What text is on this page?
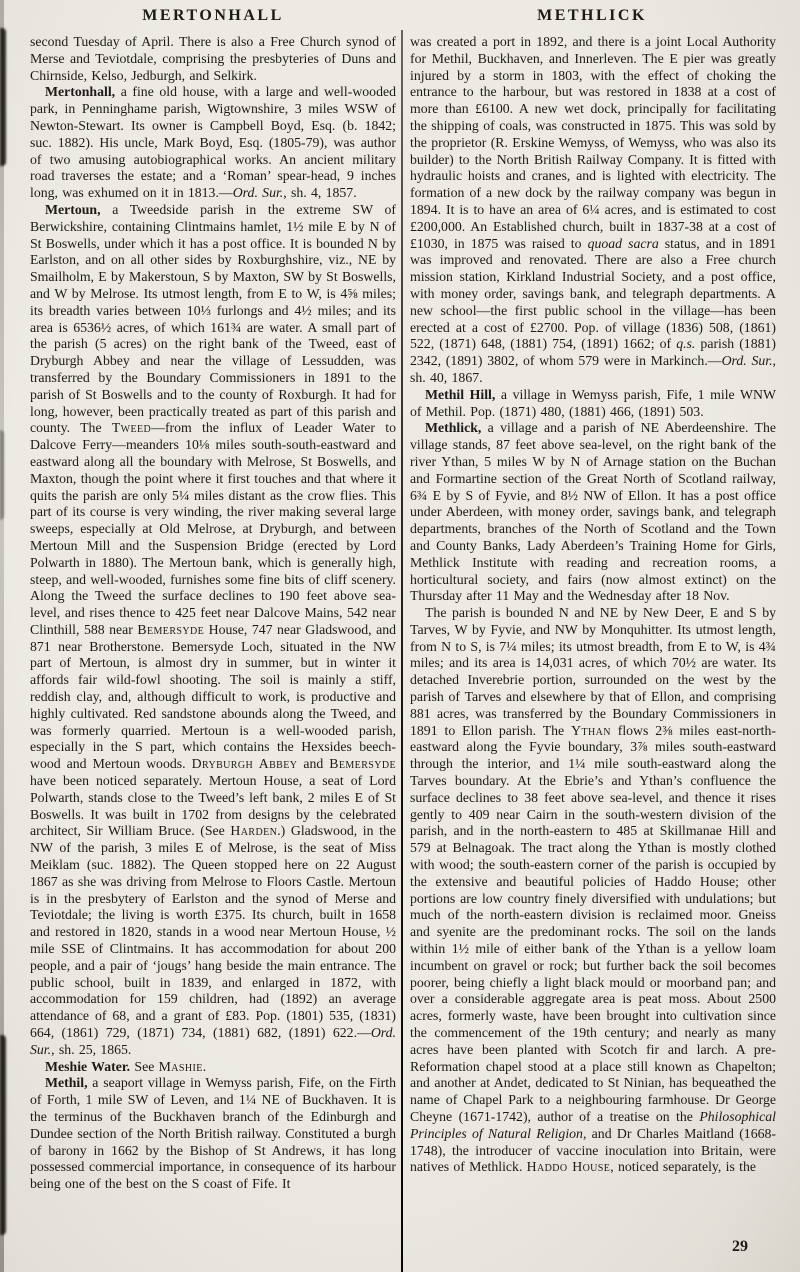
MERTONHALL	METHLICK

second Tuesday of April. There is also a Free Church synod of Merse and Teviotdale, comprising the presbyteries of Duns and Chirnside, Kelso, Jedburgh, and Selkirk.

Mertonhall, a fine old house, with a large and well-wooded park, in Penninghame parish, Wigtownshire, 3 miles WSW of Newton-Stewart. Its owner is Campbell Boyd, Esq. (b. 1842; suc. 1882). His uncle, Mark Boyd, Esq. (1805-79), was author of two amusing autobiographical works. An ancient military road traverses the estate; and a ‘Roman’ spear-head, 9 inches long, was exhumed on it in 1813.—Ord. Sur., sh. 4, 1857.

Mertoun, a Tweedside parish in the extreme SW of Berwickshire, containing Clintmains hamlet, 1½ mile E by N of St Boswells, under which it has a post office. It is bounded N by Earlston, and on all other sides by Roxburghshire, viz., NE by Smailholm, E by Makerstoun, S by Maxton, SW by St Boswells, and W by Melrose. Its utmost length, from E to W, is 4⅝ miles; its breadth varies between 10⅓ furlongs and 4½ miles; and its area is 6536½ acres, of which 161¾ are water. A small part of the parish (5 acres) on the right bank of the Tweed, east of Dryburgh Abbey and near the village of Lessudden, was transferred by the Boundary Commissioners in 1891 to the parish of St Boswells and to the county of Roxburgh. It had for long, however, been practically treated as part of this parish and county. The Tweed—from the influx of Leader Water to Dalcove Ferry—meanders 10⅛ miles south-south-eastward and eastward along all the boundary with Melrose, St Boswells, and Maxton, though the point where it first touches and that where it quits the parish are only 5¼ miles distant as the crow flies. This part of its course is very winding, the river making several large sweeps, especially at Old Melrose, at Dryburgh, and between Mertoun Mill and the Suspension Bridge (erected by Lord Polwarth in 1880). The Mertoun bank, which is generally high, steep, and well-wooded, furnishes some fine bits of cliff scenery. Along the Tweed the surface declines to 190 feet above sea-level, and rises thence to 425 feet near Dalcove Mains, 542 near Clinthill, 588 near Bemersyde House, 747 near Gladswood, and 871 near Brotherstone. Bemersyde Loch, situated in the NW part of Mertoun, is almost dry in summer, but in winter it affords fair wild-fowl shooting. The soil is mainly a stiff, reddish clay, and, although difficult to work, is productive and highly cultivated. Red sandstone abounds along the Tweed, and was formerly quarried. Mertoun is a well-wooded parish, especially in the S part, which contains the Hexsides beech-wood and Mertoun woods. Dryburgh Abbey and Bemersyde have been noticed separately. Mertoun House, a seat of Lord Polwarth, stands close to the Tweed’s left bank, 2 miles E of St Boswells. It was built in 1702 from designs by the celebrated architect, Sir William Bruce. (See Harden.) Gladswood, in the NW of the parish, 3 miles E of Melrose, is the seat of Miss Meiklam (suc. 1882). The Queen stopped here on 22 August 1867 as she was driving from Melrose to Floors Castle. Mertoun is in the presbytery of Earlston and the synod of Merse and Teviotdale; the living is worth £375. Its church, built in 1658 and restored in 1820, stands in a wood near Mertoun House, ½ mile SSE of Clintmains. It has accommodation for about 200 people, and a pair of ‘jougs’ hang beside the main entrance. The public school, built in 1839, and enlarged in 1872, with accommodation for 159 children, had (1892) an average attendance of 68, and a grant of £83. Pop. (1801) 535, (1831) 664, (1861) 729, (1871) 734, (1881) 682, (1891) 622.—Ord. Sur., sh. 25, 1865.

Meshie Water. See Mashie.

Methil, a seaport village in Wemyss parish, Fife, on the Firth of Forth, 1 mile SW of Leven, and 1¼ NE of Buckhaven. It is the terminus of the Buckhaven branch of the Edinburgh and Dundee section of the North British railway. Constituted a burgh of barony in 1662 by the Bishop of St Andrews, it has long possessed commercial importance, in consequence of its harbour being one of the best on the S coast of Fife. It

was created a port in 1892, and there is a joint Local Authority for Methil, Buckhaven, and Innerleven. The E pier was greatly injured by a storm in 1803, with the effect of choking the entrance to the harbour, but was restored in 1838 at a cost of more than £6100. A new wet dock, principally for facilitating the shipping of coals, was constructed in 1875. This was sold by the proprietor (R. Erskine Wemyss, of Wemyss, who was also its builder) to the North British Railway Company. It is fitted with hydraulic hoists and cranes, and is lighted with electricity. The formation of a new dock by the railway company was begun in 1894. It is to have an area of 6¼ acres, and is estimated to cost £200,000. An Established church, built in 1837-38 at a cost of £1030, in 1875 was raised to quoad sacra status, and in 1891 was improved and renovated. There are also a Free church mission station, Kirkland Industrial Society, and a post office, with money order, savings bank, and telegraph departments. A new school—the first public school in the village—has been erected at a cost of £2700. Pop. of village (1836) 508, (1861) 522, (1871) 648, (1881) 754, (1891) 1662; of q.s. parish (1881) 2342, (1891) 3802, of whom 579 were in Markinch.—Ord. Sur., sh. 40, 1867.

Methil Hill, a village in Wemyss parish, Fife, 1 mile WNW of Methil. Pop. (1871) 480, (1881) 466, (1891) 503.

Methlick, a village and a parish of NE Aberdeenshire. The village stands, 87 feet above sea-level, on the right bank of the river Ythan, 5 miles W by N of Arnage station on the Buchan and Formartine section of the Great North of Scotland railway, 6¾ E by S of Fyvie, and 8½ NW of Ellon. It has a post office under Aberdeen, with money order, savings bank, and telegraph departments, branches of the North of Scotland and the Town and County Banks, Lady Aberdeen’s Training Home for Girls, Methlick Institute with reading and recreation rooms, a horticultural society, and fairs (now almost extinct) on the Thursday after 11 May and the Wednesday after 18 Nov.

The parish is bounded N and NE by New Deer, E and S by Tarves, W by Fyvie, and NW by Monquhitter. Its utmost length, from N to S, is 7¼ miles; its utmost breadth, from E to W, is 4¾ miles; and its area is 14,031 acres, of which 70½ are water. Its detached Inverebrie portion, surrounded on the west by the parish of Tarves and elsewhere by that of Ellon, and comprising 881 acres, was transferred by the Boundary Commissioners in 1891 to Ellon parish. The Ythan flows 2⅜ miles east-north-eastward along the Fyvie boundary, 3⅞ miles south-eastward through the interior, and 1¼ mile south-eastward along the Tarves boundary. At the Ebrie’s and Ythan’s confluence the surface declines to 38 feet above sea-level, and thence it rises gently to 409 near Cairn in the south-western division of the parish, and in the north-eastern to 485 at Skillmanae Hill and 579 at Belnagoak. The tract along the Ythan is mostly clothed with wood; the south-eastern corner of the parish is occupied by the extensive and beautiful policies of Haddo House; other portions are low country finely diversified with undulations; but much of the north-eastern division is reclaimed moor. Gneiss and syenite are the predominant rocks. The soil on the lands within 1½ mile of either bank of the Ythan is a yellow loam incumbent on gravel or rock; but further back the soil becomes poorer, being chiefly a light black mould or moorband pan; and over a considerable aggregate area is peat moss. About 2500 acres, formerly waste, have been brought into cultivation since the commencement of the 19th century; and nearly as many acres have been planted with Scotch fir and larch. A pre-Reformation chapel stood at a place still known as Chapelton; and another at Andet, dedicated to St Ninian, has bequeathed the name of Chapel Park to a neighbouring farmhouse. Dr George Cheyne (1671-1742), author of a treatise on the Philosophical Principles of Natural Religion, and Dr Charles Maitland (1668-1748), the introducer of vaccine inoculation into Britain, were natives of Methlick. Haddo House, noticed separately, is the

29
